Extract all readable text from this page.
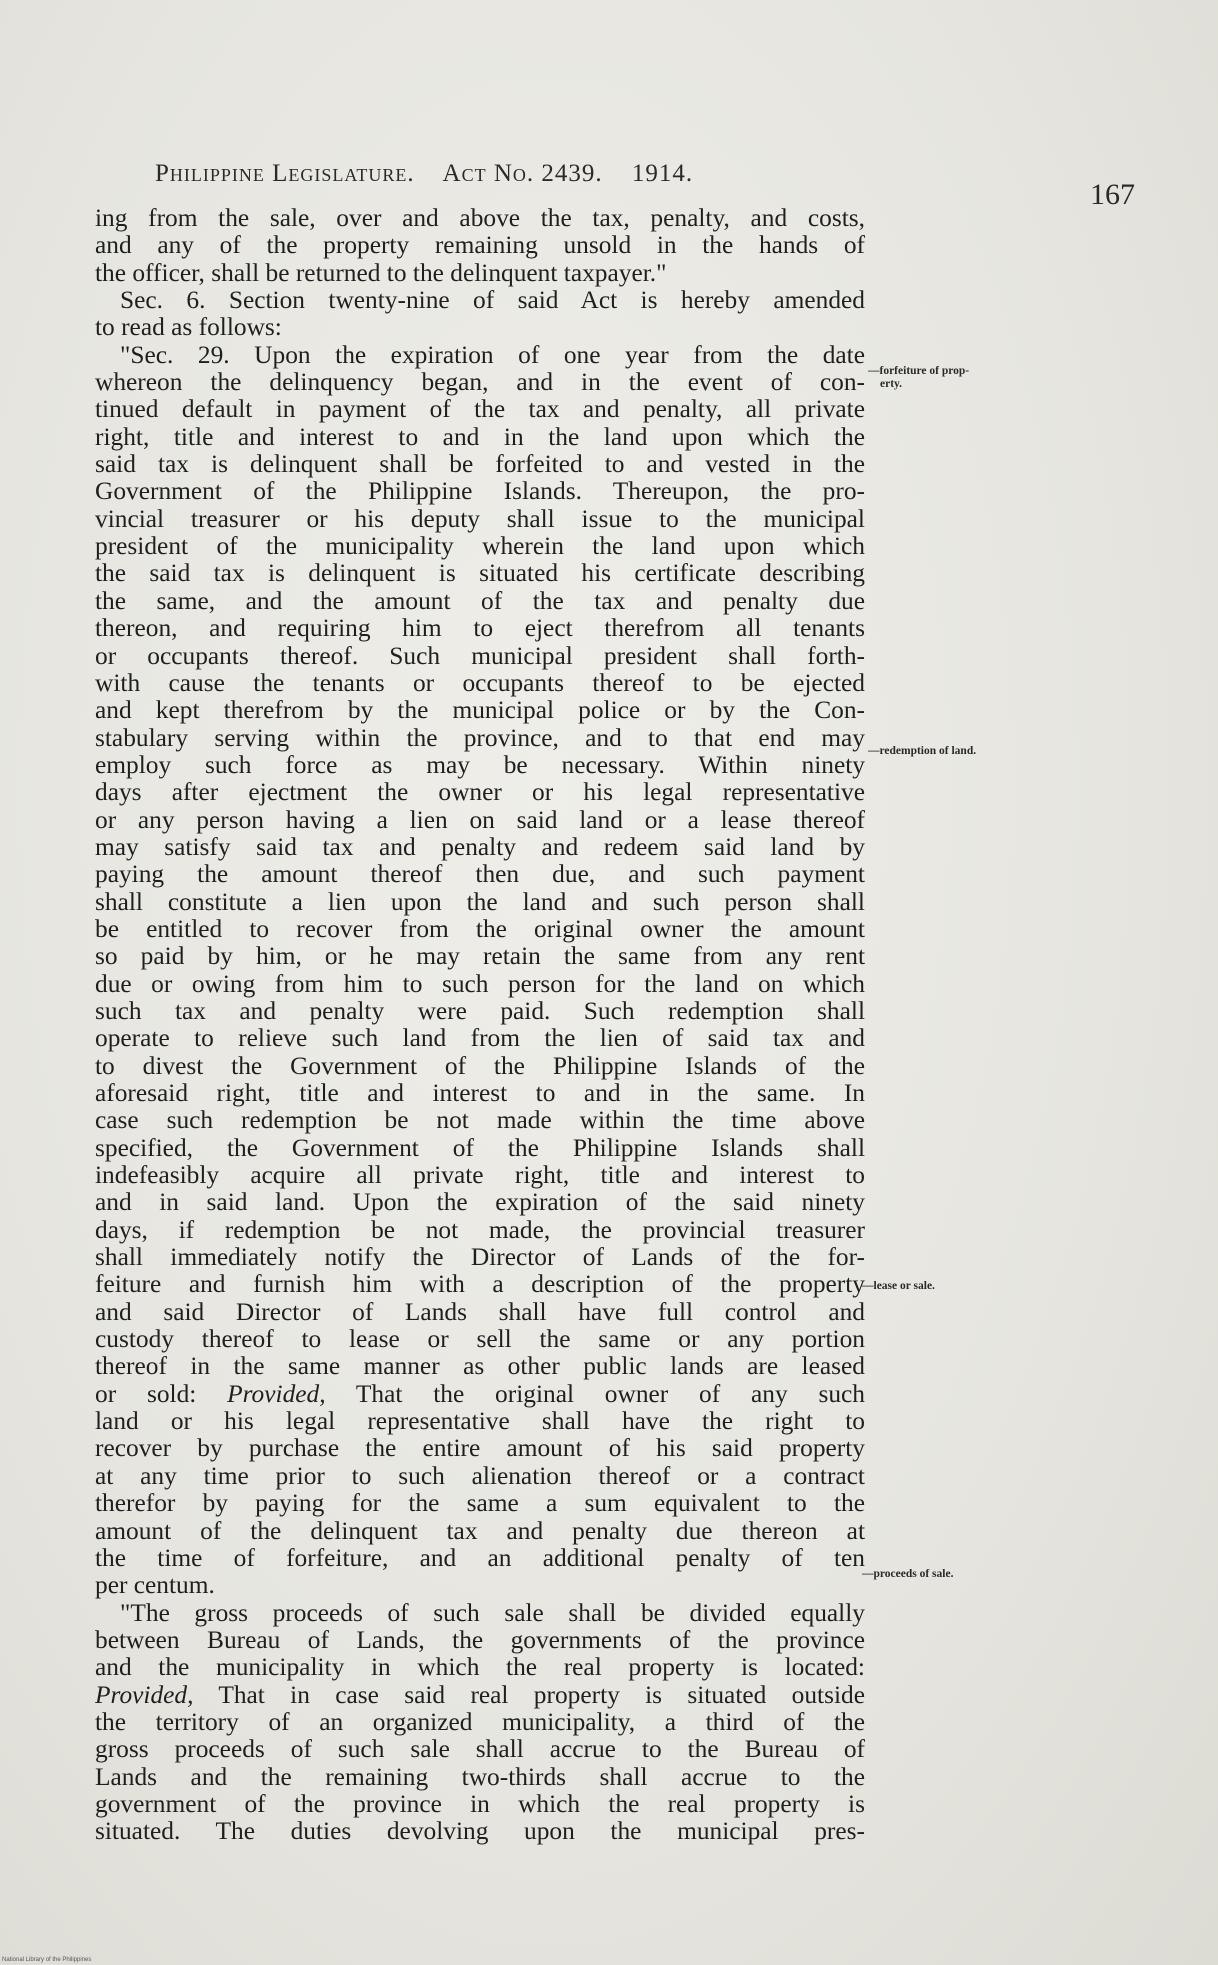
Philippine Legislature. Act No. 2439. 1914.
167
ing from the sale, over and above the tax, penalty, and costs,
and any of the property remaining unsold in the hands of
the officer, shall be returned to the delinquent taxpayer."
Sec. 6. Section twenty-nine of said Act is hereby amended
to read as follows:
"Sec. 29. Upon the expiration of one year from the date
whereon the delinquency began, and in the event of con-
tinued default in payment of the tax and penalty, all private
right, title and interest to and in the land upon which the
said tax is delinquent shall be forfeited to and vested in the
Government of the Philippine Islands. Thereupon, the pro-
vincial treasurer or his deputy shall issue to the municipal
president of the municipality wherein the land upon which
the said tax is delinquent is situated his certificate describing
the same, and the amount of the tax and penalty due
thereon, and requiring him to eject therefrom all tenants
or occupants thereof. Such municipal president shall forth-
with cause the tenants or occupants thereof to be ejected
and kept therefrom by the municipal police or by the Con-
stabulary serving within the province, and to that end may
employ such force as may be necessary. Within ninety
days after ejectment the owner or his legal representative
or any person having a lien on said land or a lease thereof
may satisfy said tax and penalty and redeem said land by
paying the amount thereof then due, and such payment
shall constitute a lien upon the land and such person shall
be entitled to recover from the original owner the amount
so paid by him, or he may retain the same from any rent
due or owing from him to such person for the land on which
such tax and penalty were paid. Such redemption shall
operate to relieve such land from the lien of said tax and
to divest the Government of the Philippine Islands of the
aforesaid right, title and interest to and in the same. In
case such redemption be not made within the time above
specified, the Government of the Philippine Islands shall
indefeasibly acquire all private right, title and interest to
and in said land. Upon the expiration of the said ninety
days, if redemption be not made, the provincial treasurer
shall immediately notify the Director of Lands of the for-
feiture and furnish him with a description of the property
and said Director of Lands shall have full control and
custody thereof to lease or sell the same or any portion
thereof in the same manner as other public lands are leased
or sold: Provided, That the original owner of any such
land or his legal representative shall have the right to
recover by purchase the entire amount of his said property
at any time prior to such alienation thereof or a contract
therefor by paying for the same a sum equivalent to the
amount of the delinquent tax and penalty due thereon at
the time of forfeiture, and an additional penalty of ten
per centum.
"The gross proceeds of such sale shall be divided equally
between Bureau of Lands, the governments of the province
and the municipality in which the real property is located:
Provided, That in case said real property is situated outside
the territory of an organized municipality, a third of the
gross proceeds of such sale shall accrue to the Bureau of
Lands and the remaining two-thirds shall accrue to the
government of the province in which the real property is
situated. The duties devolving upon the municipal pres-
—forfeiture of prop-
erty.
—redemption of land.
—lease or sale.
—proceeds of sale.
National Library of the Philippines
